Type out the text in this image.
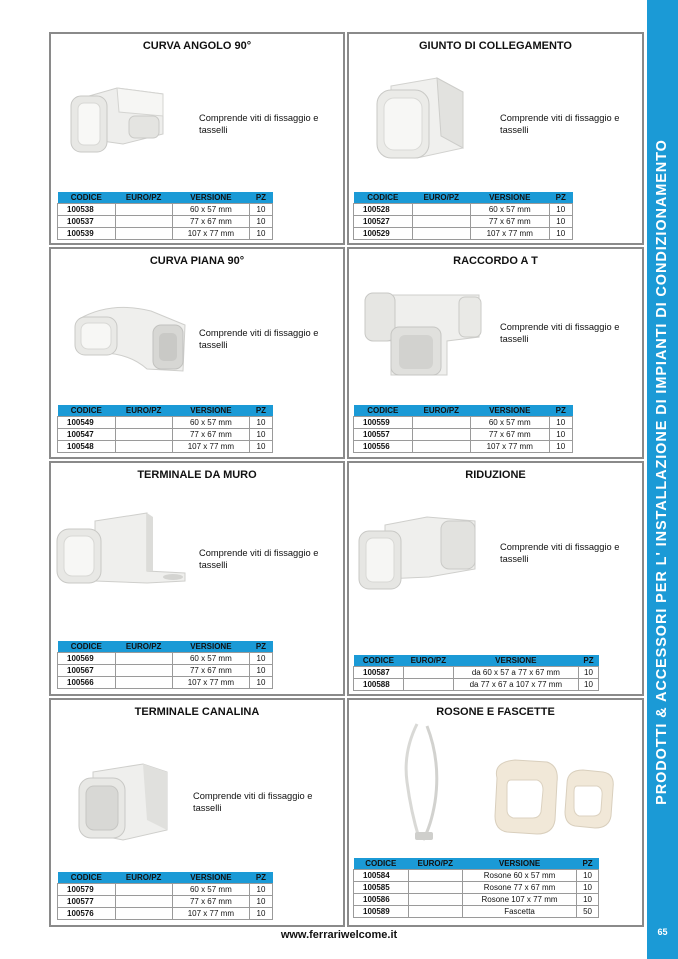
PRODOTTI & ACCESSORI PER L' INSTALLAZIONE DI IMPIANTI DI CONDIZIONAMENTO
65
www.ferrariwelcome.it
CURVA ANGOLO 90°
Comprende viti di fissaggio e tasselli
CODICE	EURO/PZ	VERSIONE	PZ
100538		60 x 57 mm	10
100537		77 x 67 mm	10
100539		107 x 77 mm	10
GIUNTO DI COLLEGAMENTO
Comprende viti di fissaggio e tasselli
CODICE	EURO/PZ	VERSIONE	PZ
100528		60 x 57 mm	10
100527		77 x 67 mm	10
100529		107 x 77 mm	10
CURVA PIANA 90°
Comprende viti di fissaggio e tasselli
CODICE	EURO/PZ	VERSIONE	PZ
100549		60 x 57 mm	10
100547		77 x 67 mm	10
100548		107 x 77 mm	10
RACCORDO A T
Comprende viti di fissaggio e tasselli
CODICE	EURO/PZ	VERSIONE	PZ
100559		60 x 57 mm	10
100557		77 x 67 mm	10
100556		107 x 77 mm	10
TERMINALE DA MURO
Comprende viti di fissaggio e tasselli
CODICE	EURO/PZ	VERSIONE	PZ
100569		60 x 57 mm	10
100567		77 x 67 mm	10
100566		107 x 77 mm	10
RIDUZIONE
Comprende viti di fissaggio e tasselli
CODICE	EURO/PZ	VERSIONE	PZ
100587		da 60 x 57 a 77 x 67 mm	10
100588		da 77 x 67 a 107 x 77 mm	10
TERMINALE CANALINA
Comprende viti di fissaggio e tasselli
CODICE	EURO/PZ	VERSIONE	PZ
100579		60 x 57 mm	10
100577		77 x 67 mm	10
100576		107 x 77 mm	10
ROSONE E FASCETTE
CODICE	EURO/PZ	VERSIONE	PZ
100584		Rosone 60 x 57 mm	10
100585		Rosone 77 x 67 mm	10
100586		Rosone 107 x 77 mm	10
100589		Fascetta	50
